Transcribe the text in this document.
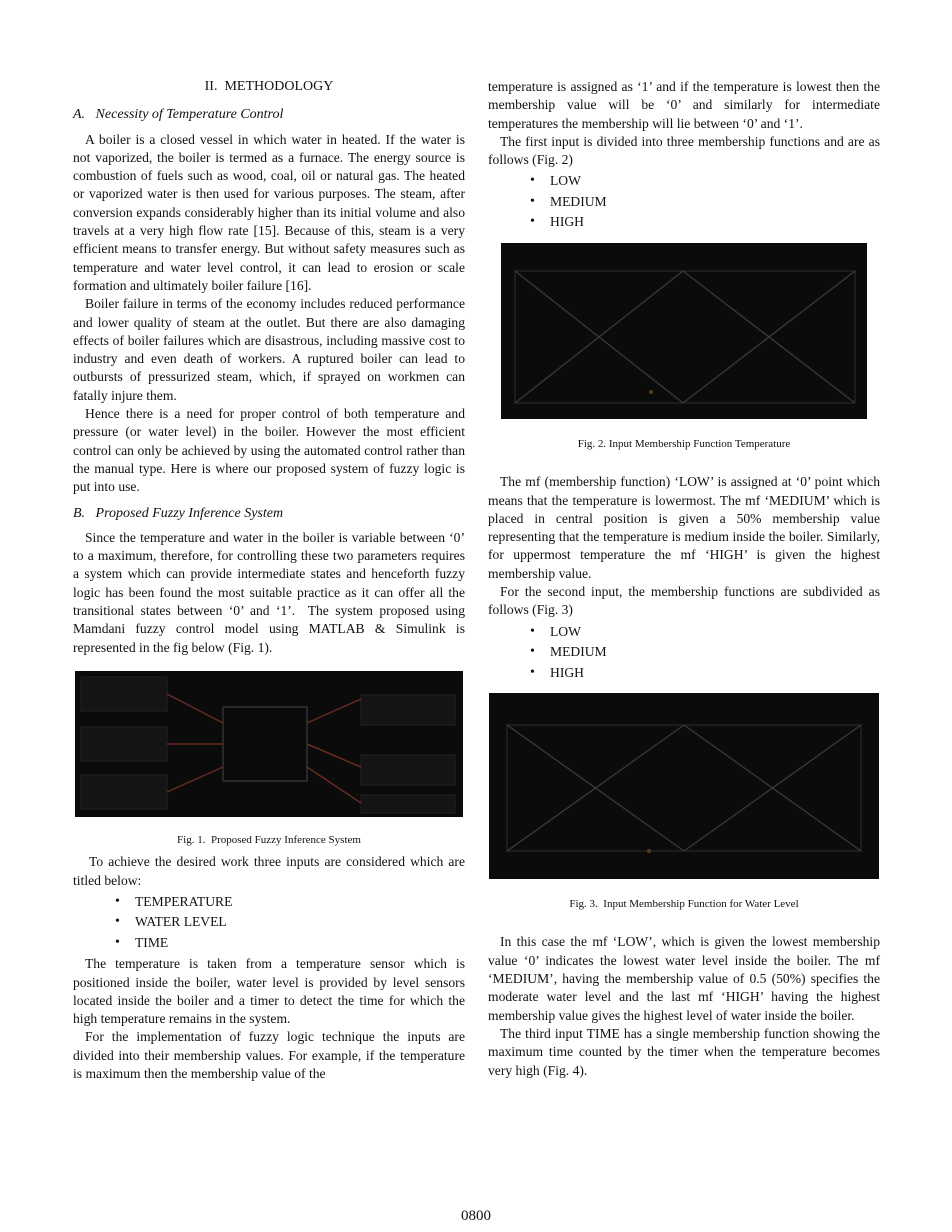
II.  METHODOLOGY
A.   Necessity of Temperature Control

A boiler is a closed vessel in which water in heated. If the water is not vaporized, the boiler is termed as a furnace. The energy source is combustion of fuels such as wood, coal, oil or natural gas. The heated or vaporized water is then used for various purposes. The steam, after conversion expands considerably higher than its initial volume and also travels at a very high flow rate [15]. Because of this, steam is a very efficient means to transfer energy. But without safety measures such as temperature and water level control, it can lead to erosion or scale formation and ultimately boiler failure [16].

Boiler failure in terms of the economy includes reduced performance and lower quality of steam at the outlet. But there are also damaging effects of boiler failures which are disastrous, including massive cost to industry and even death of workers. A ruptured boiler can lead to outbursts of pressurized steam, which, if sprayed on workmen can fatally injure them.

Hence there is a need for proper control of both temperature and pressure (or water level) in the boiler. However the most efficient control can only be achieved by using the automated control rather than the manual type. Here is where our proposed system of fuzzy logic is put into use.

B.   Proposed Fuzzy Inference System

Since the temperature and water in the boiler is variable between ‘0’ to a maximum, therefore, for controlling these two parameters requires a system which can provide intermediate states and henceforth fuzzy logic has been found the most suitable practice as it can offer all the transitional states between ‘0’ and ‘1’.  The system proposed using Mamdani fuzzy control model using MATLAB & Simulink is represented in the fig below (Fig. 1).

Fig. 1.  Proposed Fuzzy Inference System

To achieve the desired work three inputs are considered which are titled below:

• TEMPERATURE
• WATER LEVEL
• TIME

The temperature is taken from a temperature sensor which is positioned inside the boiler, water level is provided by level sensors located inside the boiler and a timer to detect the time for which the high temperature remains in the system.

For the implementation of fuzzy logic technique the inputs are divided into their membership values. For example, if the temperature is maximum then the membership value of the

temperature is assigned as ‘1’ and if the temperature is lowest then the membership value will be ‘0’ and similarly for intermediate temperatures the membership will lie between ‘0’ and ‘1’.

The first input is divided into three membership functions and are as follows (Fig. 2)

• LOW
• MEDIUM
• HIGH
Fig. 2. Input Membership Function Temperature

The mf (membership function) ‘LOW’ is assigned at ‘0’ point which means that the temperature is lowermost. The mf ‘MEDIUM’ which is placed in central position is given a 50% membership value representing that the temperature is medium inside the boiler. Similarly, for uppermost temperature the mf ‘HIGH’ is given the highest membership value.

For the second input, the membership functions are subdivided as follows (Fig. 3)

• LOW
• MEDIUM
• HIGH
Fig. 3.  Input Membership Function for Water Level

In this case the mf ‘LOW’, which is given the lowest membership value ‘0’ indicates the lowest water level inside the boiler. The mf ‘MEDIUM’, having the membership value of 0.5 (50%) specifies the moderate water level and the last mf ‘HIGH’ having the highest membership value gives the highest level of water inside the boiler.

The third input TIME has a single membership function showing the maximum time counted by the timer when the temperature becomes very high (Fig. 4).

0800
